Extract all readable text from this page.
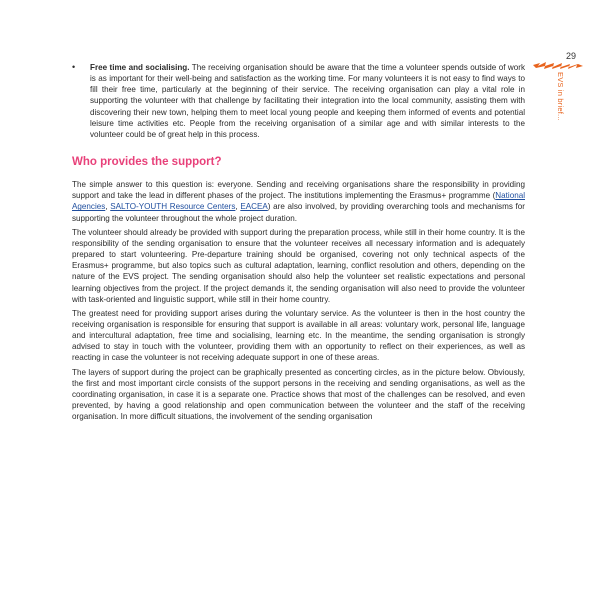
29
EVS in brief...
• Free time and socialising. The receiving organisation should be aware that the time a volunteer spends outside of work is as important for their well-being and satisfaction as the working time. For many volunteers it is not easy to find ways to fill their free time, particularly at the beginning of their service. The receiving organisation can play a vital role in supporting the volunteer with that challenge by facilitating their integration into the local community, assisting them with discovering their new town, helping them to meet local young people and keeping them informed of events and potential leisure time activities etc. People from the receiving organisation of a similar age and with similar interests to the volunteer could be of great help in this process.
Who provides the support?

The simple answer to this question is: everyone. Sending and receiving organisations share the responsibility in providing support and take the lead in different phases of the project. The institutions implementing the Erasmus+ programme (National Agencies, SALTO-YOUTH Resource Centers, EACEA) are also involved, by providing overarching tools and mechanisms for supporting the volunteer throughout the whole project duration.

The volunteer should already be provided with support during the preparation process, while still in their home country. It is the responsibility of the sending organisation to ensure that the volunteer receives all necessary information and is adequately prepared to start volunteering. Pre-departure training should be organised, covering not only technical aspects of the Erasmus+ programme, but also topics such as cultural adaptation, learning, conflict resolution and others, depending on the nature of the EVS project. The sending organisation should also help the volunteer set realistic expectations and personal learning objectives from the project. If the project demands it, the sending organisation will also need to provide the volunteer with task-oriented and linguistic support, while still in their home country.

The greatest need for providing support arises during the voluntary service. As the volunteer is then in the host country the receiving organisation is responsible for ensuring that support is available in all areas: voluntary work, personal life, language and intercultural adaptation, free time and socialising, learning etc. In the meantime, the sending organisation is strongly advised to stay in touch with the volunteer, providing them with an opportunity to reflect on their experiences, as well as reacting in case the volunteer is not receiving adequate support in one of these areas.

The layers of support during the project can be graphically presented as concerting circles, as in the picture below. Obviously, the first and most important circle consists of the support persons in the receiving and sending organisations, as well as the coordinating organisation, in case it is a separate one. Practice shows that most of the challenges can be resolved, and even prevented, by having a good relationship and open communication between the volunteer and the staff of the receiving organisation. In more difficult situations, the involvement of the sending organisation
